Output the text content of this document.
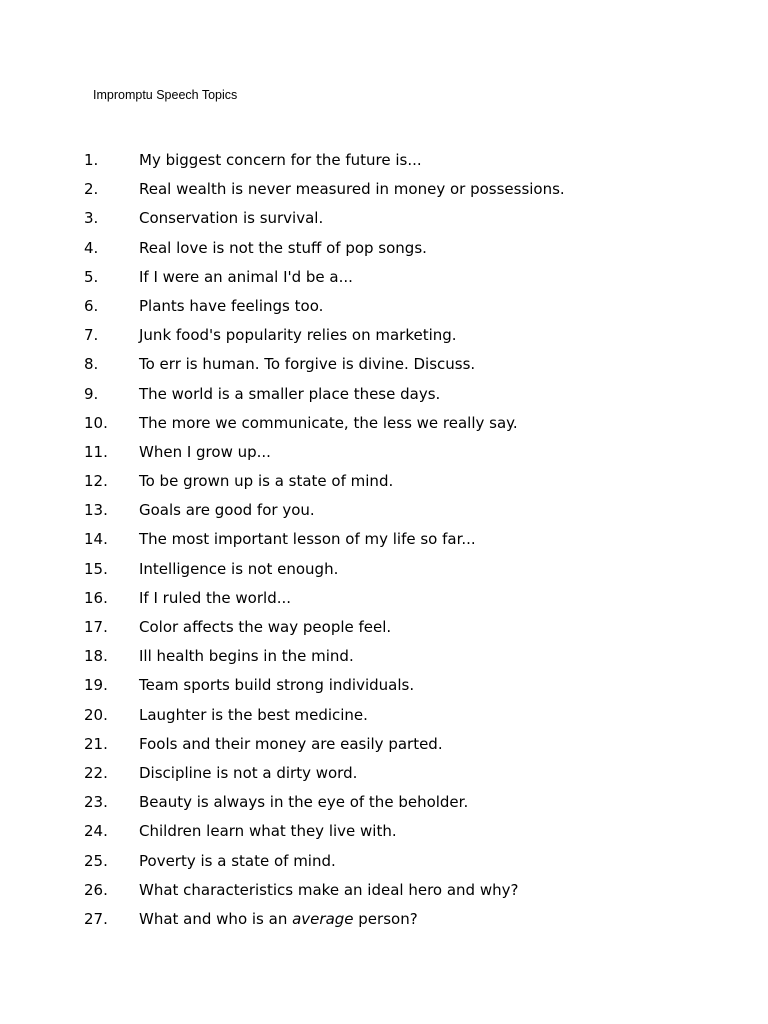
Impromptu Speech Topics
1.	My biggest concern for the future is...
2.	Real wealth is never measured in money or possessions.
3.	Conservation is survival.
4.	Real love is not the stuff of pop songs.
5.	If I were an animal I'd be a...
6.	Plants have feelings too.
7.	Junk food's popularity relies on marketing.
8.	To err is human. To forgive is divine. Discuss.
9.	The world is a smaller place these days.
10.	The more we communicate, the less we really say.
11.	When I grow up...
12.	To be grown up is a state of mind.
13.	Goals are good for you.
14.	The most important lesson of my life so far...
15.	Intelligence is not enough.
16.	If I ruled the world...
17.	Color affects the way people feel.
18.	Ill health begins in the mind.
19.	Team sports build strong individuals.
20.	Laughter is the best medicine.
21.	Fools and their money are easily parted.
22.	Discipline is not a dirty word.
23.	Beauty is always in the eye of the beholder.
24.	Children learn what they live with.
25.	Poverty is a state of mind.
26.	What characteristics make an ideal hero and why?
27.	What and who is an average person?
